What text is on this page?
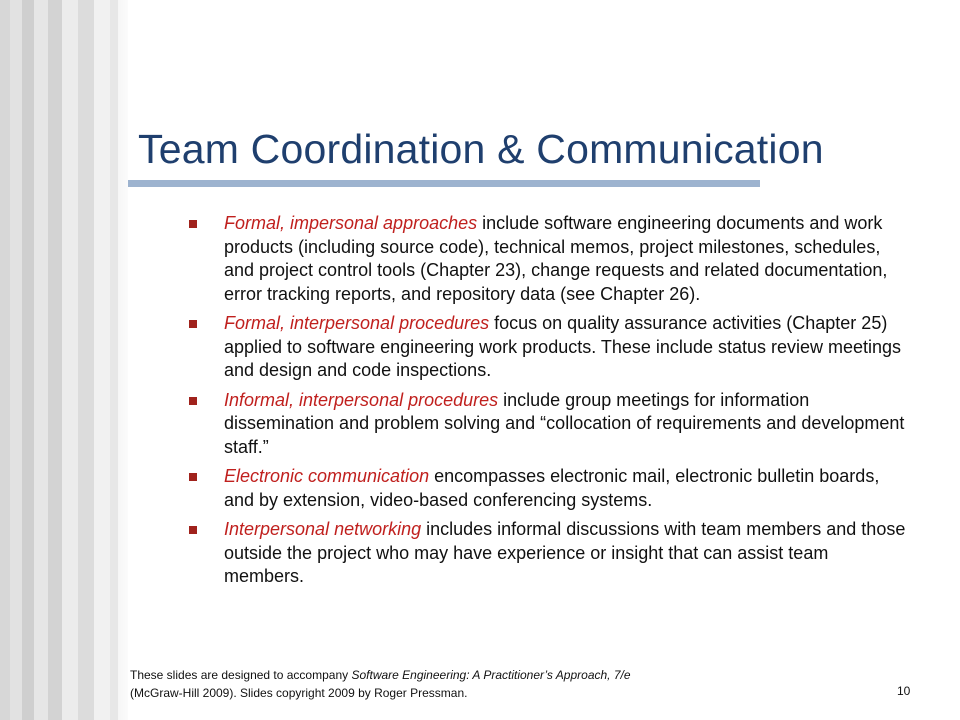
Team Coordination & Communication
Formal, impersonal approaches include software engineering documents and work products (including source code), technical memos, project milestones, schedules, and project control tools (Chapter 23), change requests and related documentation, error tracking reports, and repository data (see Chapter 26).
Formal, interpersonal procedures focus on quality assurance activities (Chapter 25) applied to software engineering work products. These include status review meetings and design and code inspections.
Informal, interpersonal procedures include group meetings for information dissemination and problem solving and “collocation of requirements and development staff.”
Electronic communication encompasses electronic mail, electronic bulletin boards, and by extension, video-based conferencing systems.
Interpersonal networking includes informal discussions with team members and those outside the project who may have experience or insight that can assist team members.
These slides are designed to accompany Software Engineering: A Practitioner’s Approach, 7/e
(McGraw-Hill 2009). Slides copyright 2009 by Roger Pressman.	10
